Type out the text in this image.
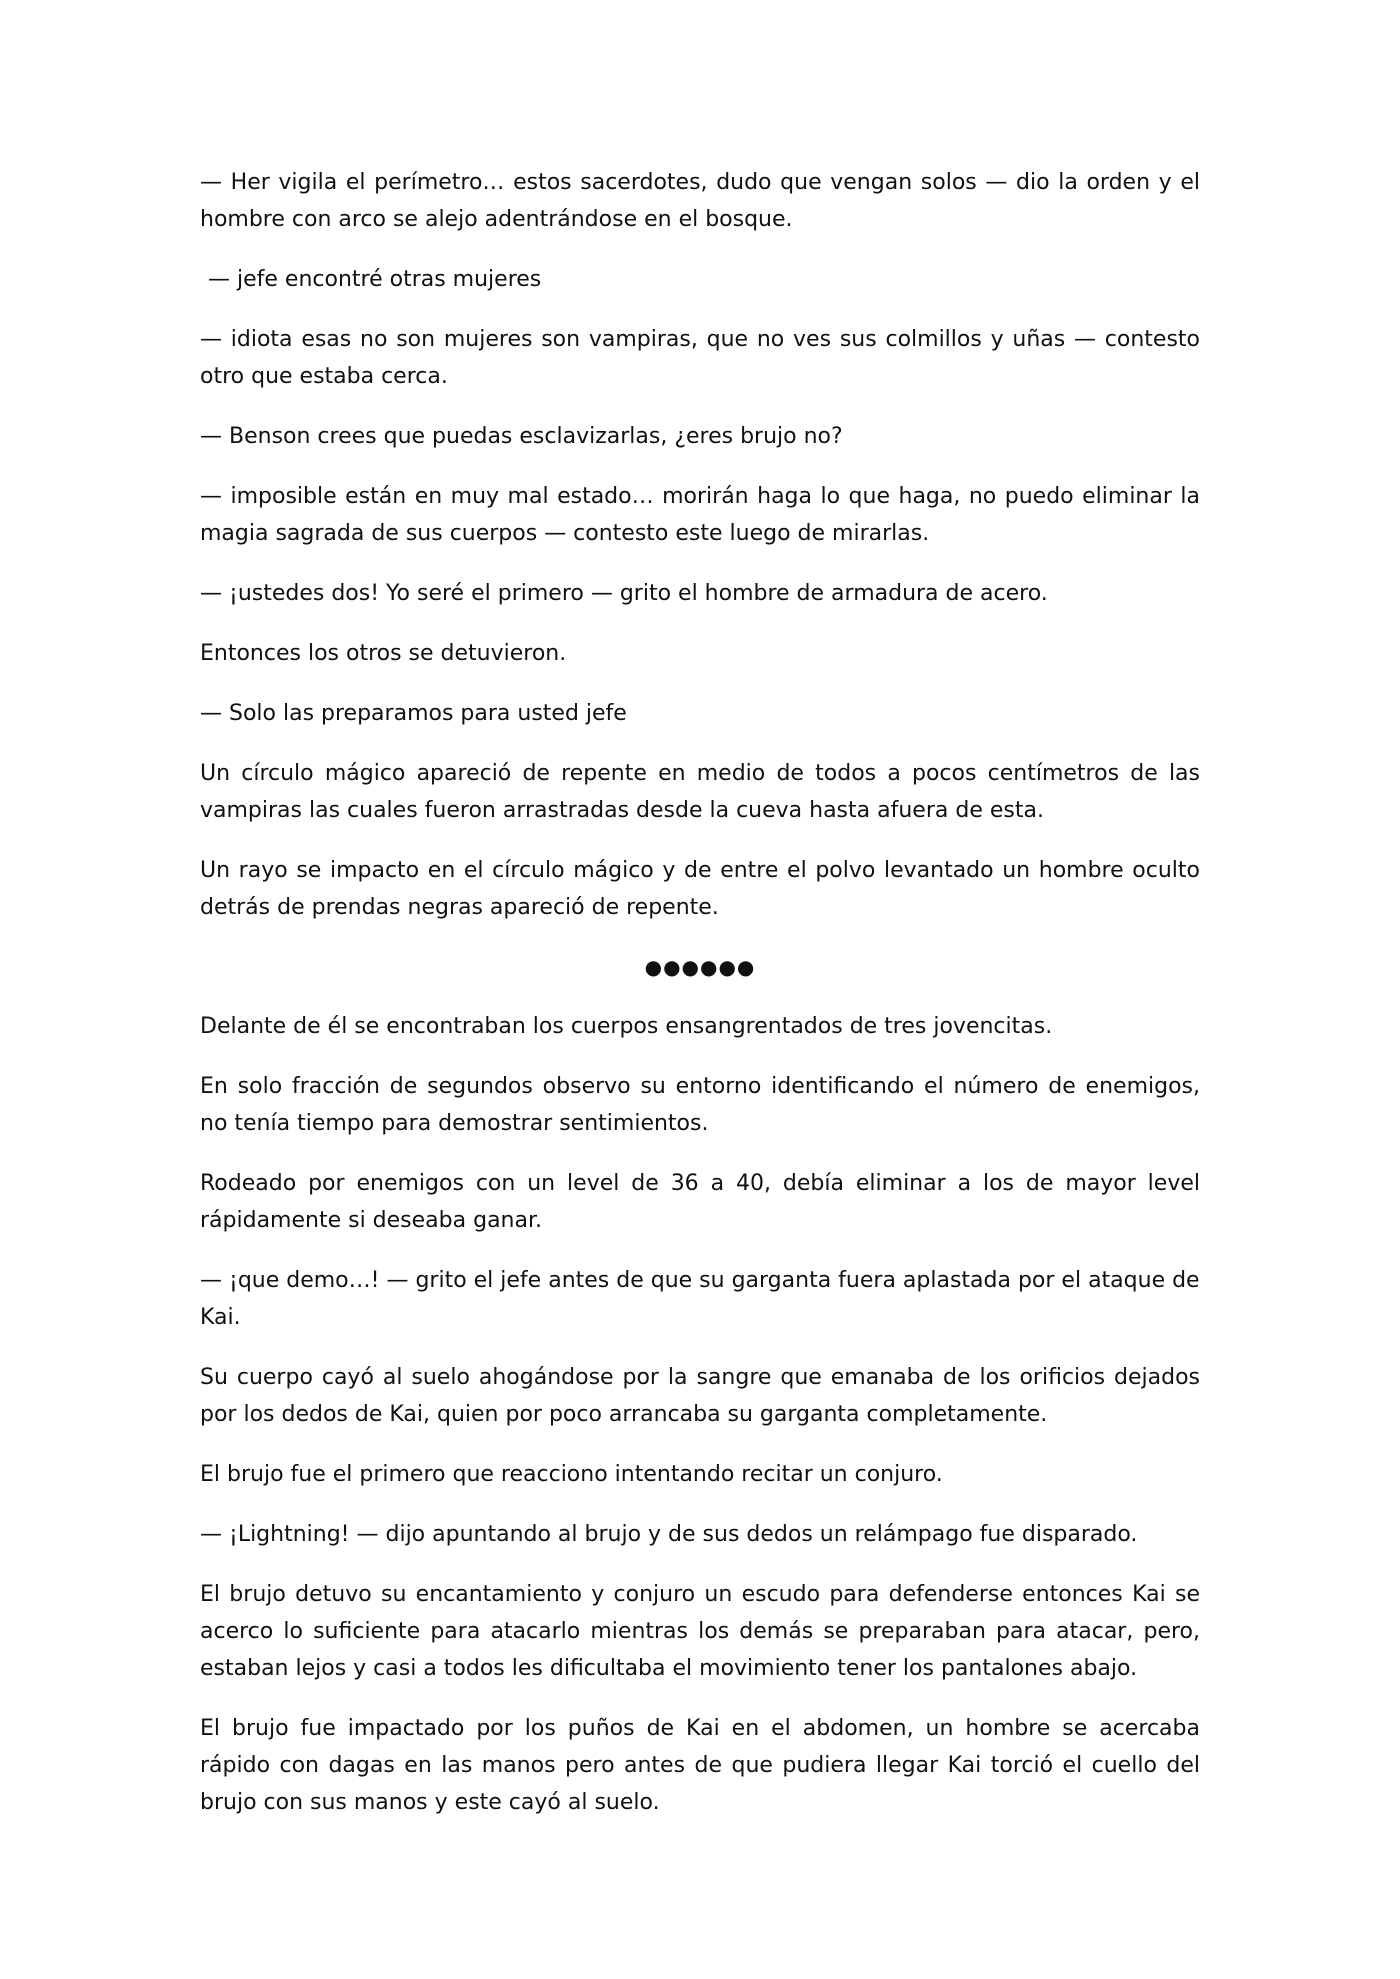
— Her vigila el perímetro… estos sacerdotes, dudo que vengan solos — dio la orden y el hombre con arco se alejo adentrándose en el bosque.

— jefe encontré otras mujeres

— idiota esas no son mujeres son vampiras, que no ves sus colmillos y uñas — contesto otro que estaba cerca.

— Benson crees que puedas esclavizarlas, ¿eres brujo no?

— imposible están en muy mal estado… morirán haga lo que haga, no puedo eliminar la magia sagrada de sus cuerpos — contesto este luego de mirarlas.

— ¡ustedes dos! Yo seré el primero — grito el hombre de armadura de acero.

Entonces los otros se detuvieron.

— Solo las preparamos para usted jefe

Un círculo mágico apareció de repente en medio de todos a pocos centímetros de las vampiras las cuales fueron arrastradas desde la cueva hasta afuera de esta.

Un rayo se impacto en el círculo mágico y de entre el polvo levantado un hombre oculto detrás de prendas negras apareció de repente.

●●●●●●

Delante de él se encontraban los cuerpos ensangrentados de tres jovencitas.

En solo fracción de segundos observo su entorno identificando el número de enemigos, no tenía tiempo para demostrar sentimientos.

Rodeado por enemigos con un level de 36 a 40, debía eliminar a los de mayor level rápidamente si deseaba ganar.

— ¡que demo…! — grito el jefe antes de que su garganta fuera aplastada por el ataque de Kai.

Su cuerpo cayó al suelo ahogándose por la sangre que emanaba de los orificios dejados por los dedos de Kai, quien por poco arrancaba su garganta completamente.

El brujo fue el primero que reacciono intentando recitar un conjuro.

— ¡Lightning! — dijo apuntando al brujo y de sus dedos un relámpago fue disparado.

El brujo detuvo su encantamiento y conjuro un escudo para defenderse entonces Kai se acerco lo suficiente para atacarlo mientras los demás se preparaban para atacar, pero, estaban lejos y casi a todos les dificultaba el movimiento tener los pantalones abajo.

El brujo fue impactado por los puños de Kai en el abdomen, un hombre se acercaba rápido con dagas en las manos pero antes de que pudiera llegar Kai torció el cuello del brujo con sus manos y este cayó al suelo.
